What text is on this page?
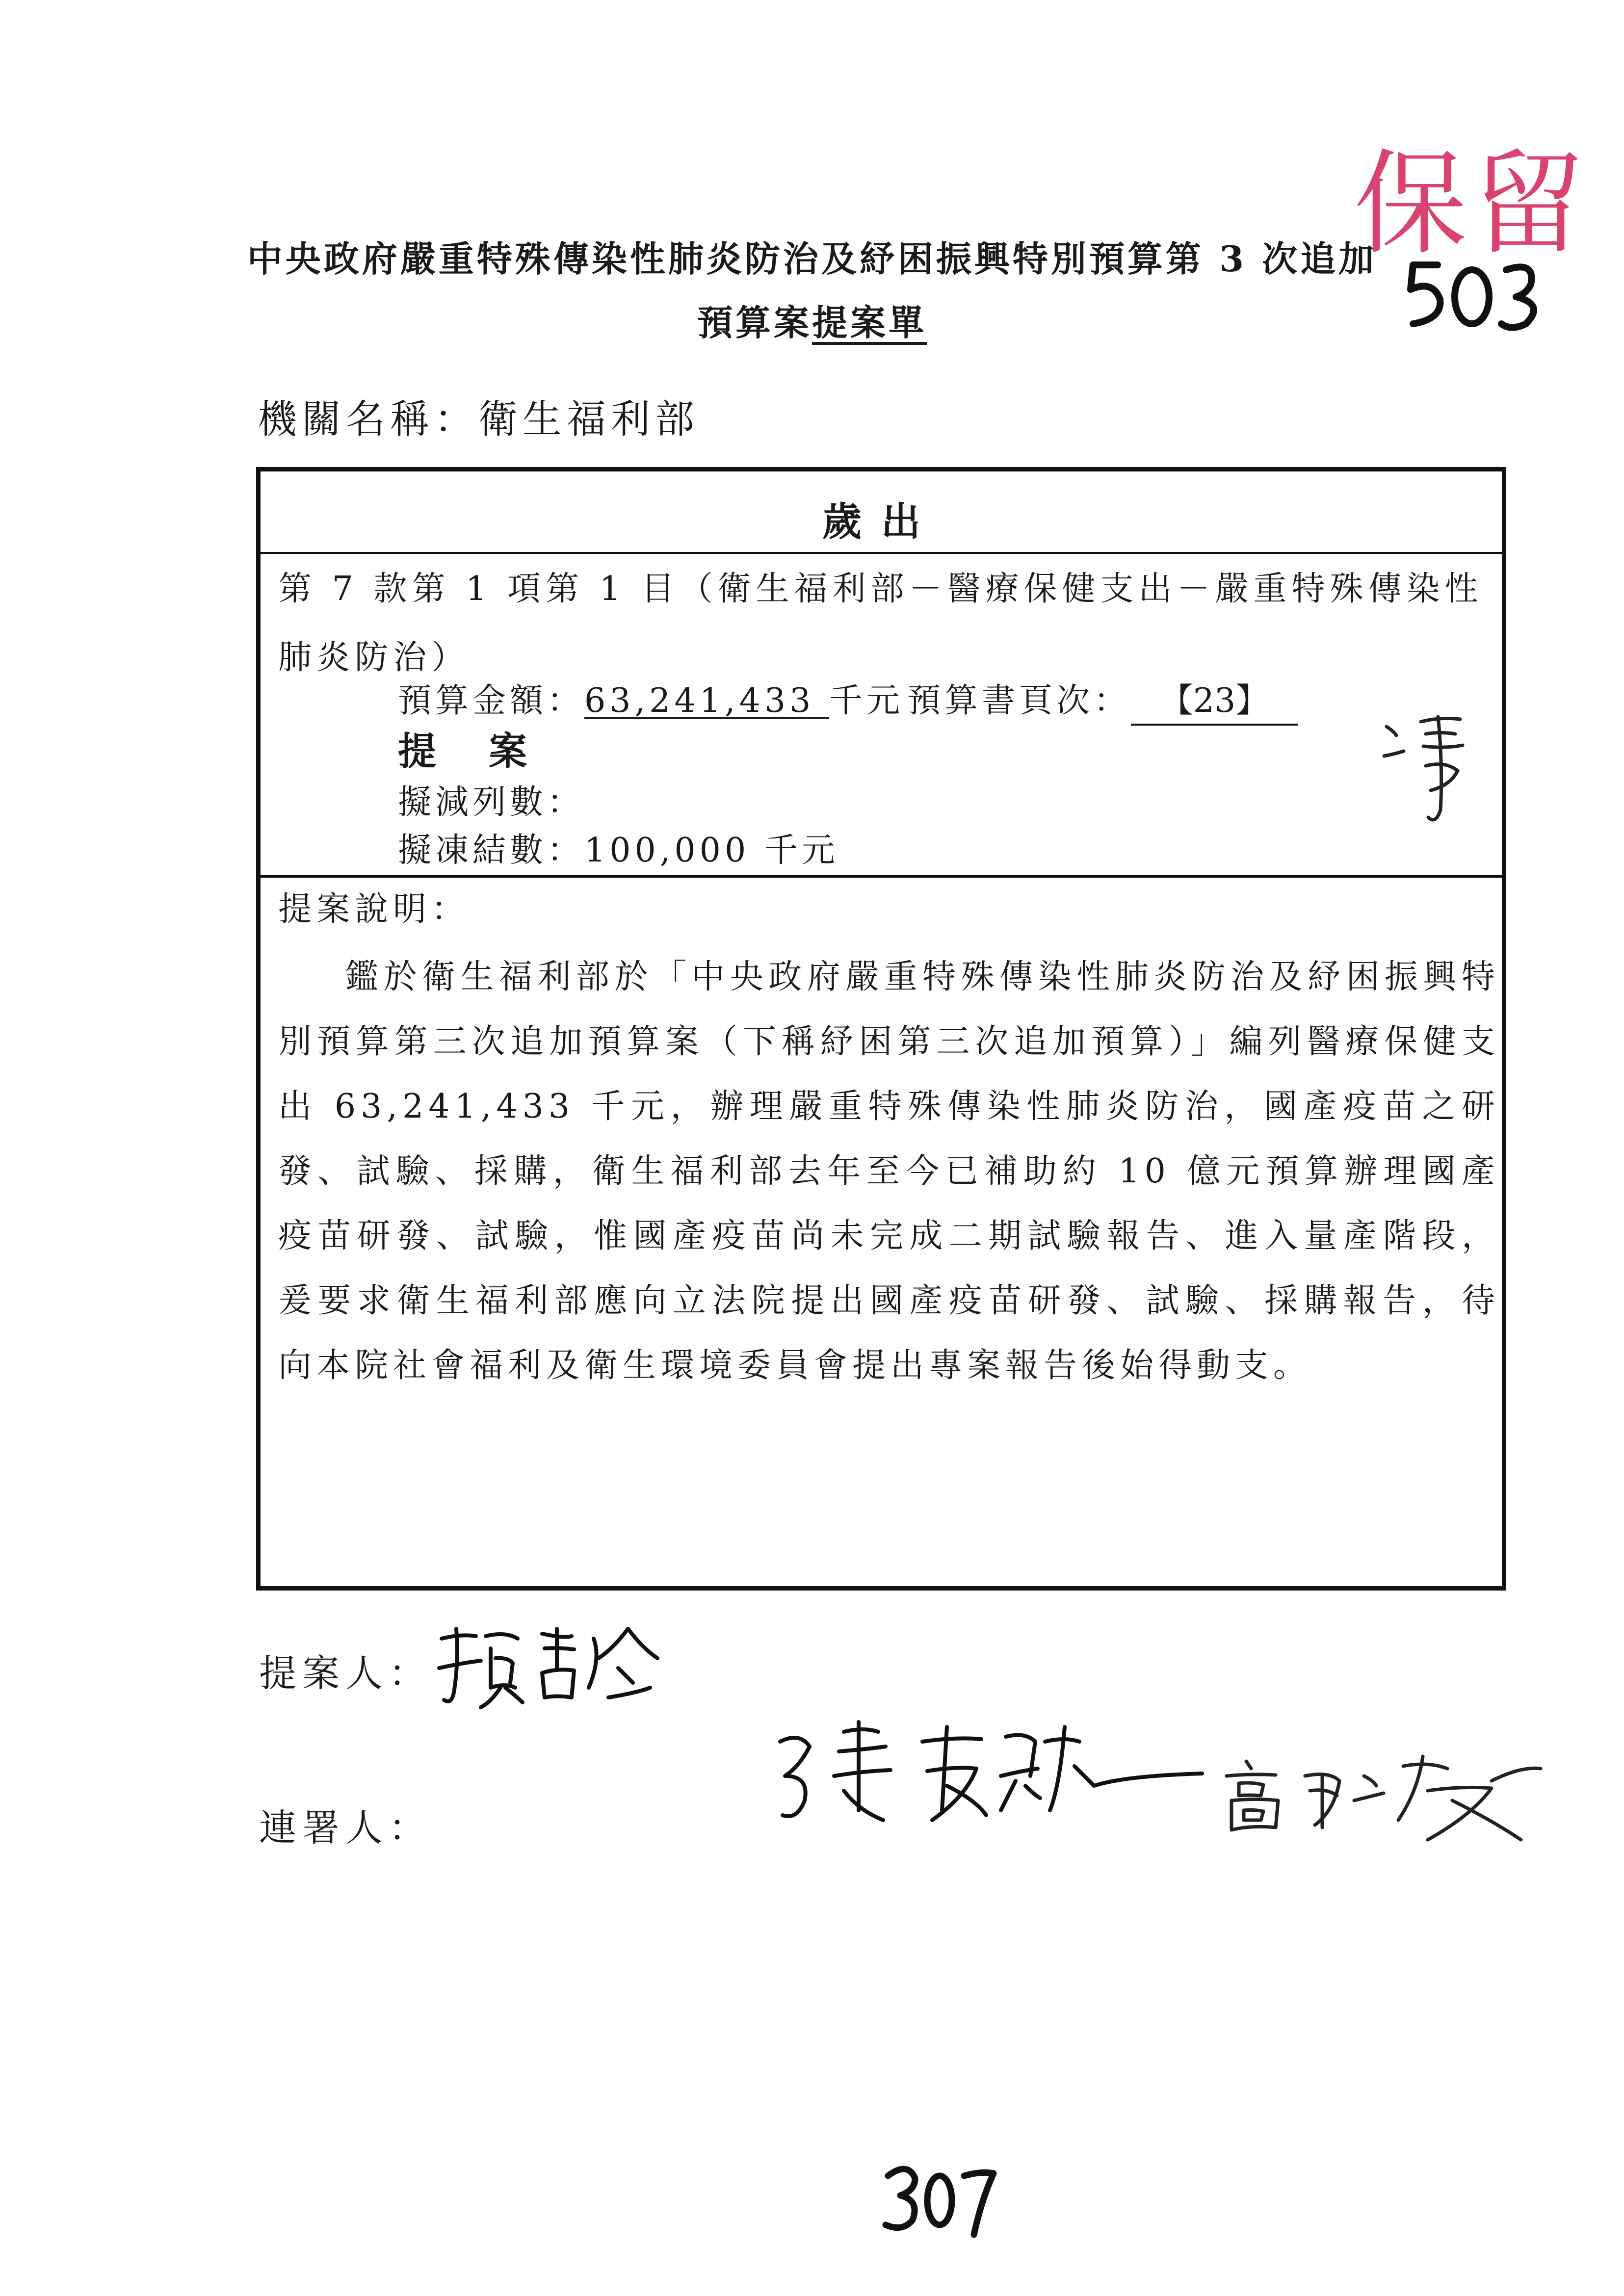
保留
中央政府嚴重特殊傳染性肺炎防治及紓困振興特別預算第 3 次追加
預算案提案單
機關名稱：衛生福利部
歲出
第 7 款第 1 項第 1 目（衛生福利部－醫療保健支出－嚴重特殊傳染性肺炎防治）
預算金額：63,241,433 千元 預算書頁次： 【23】
提 案
擬減列數：
擬凍結數：100,000 千元
提案說明：
鑑於衛生福利部於「中央政府嚴重特殊傳染性肺炎防治及紓困振興特別預算第三次追加預算案（下稱紓困第三次追加預算）」編列醫療保健支出 63,241,433 千元，辦理嚴重特殊傳染性肺炎防治，國產疫苗之研發、試驗、採購，衛生福利部去年至今已補助約 10 億元預算辦理國產疫苗研發、試驗，惟國產疫苗尚未完成二期試驗報告、進入量產階段，爰要求衛生福利部應向立法院提出國產疫苗研發、試驗、採購報告，待向本院社會福利及衛生環境委員會提出專案報告後始得動支。
提案人：
連署人：
